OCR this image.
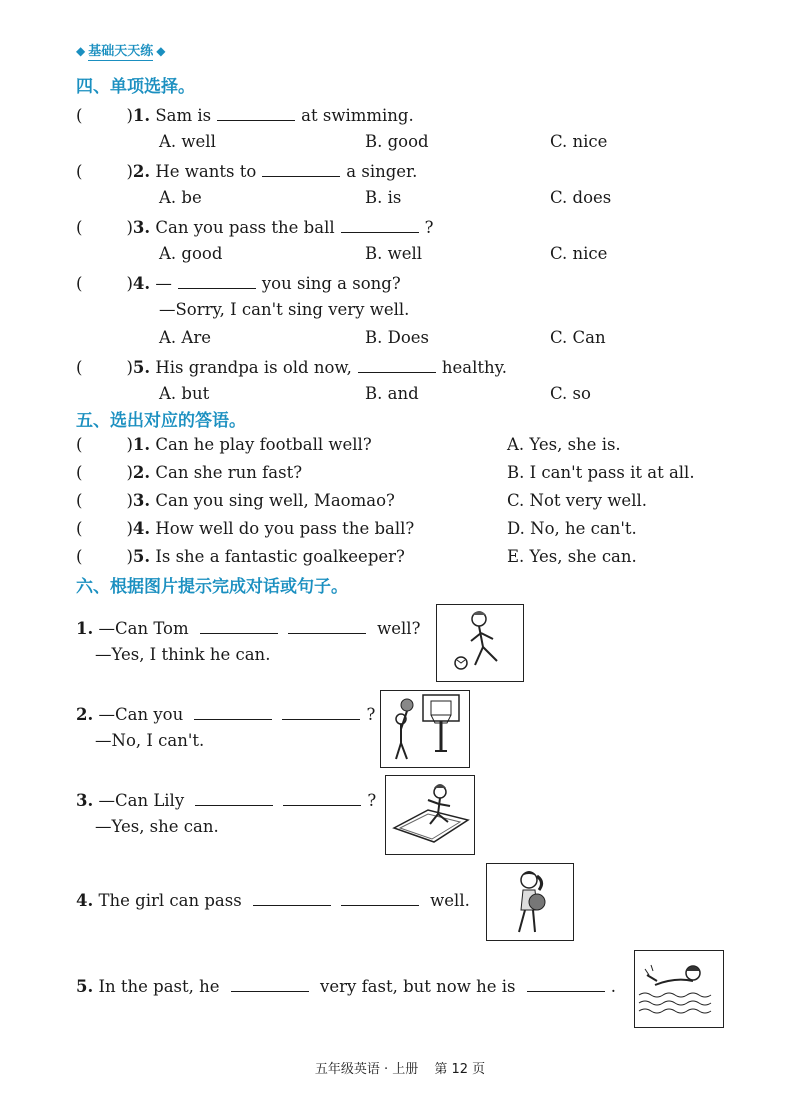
◆ 基础天天练 ◆
四、单项选择。
(	)1. Sam is	at swimming.
A. well	B. good	C. nice
(	)2. He wants to	a singer.
A. be	B. is	C. does
(	)3. Can you pass the ball	?
A. good	B. well	C. nice
(	)4. —	you sing a song?
—Sorry, I can't sing very well.
A. Are	B. Does	C. Can
(	)5. His grandpa is old now,	healthy.
A. but	B. and	C. so
五、选出对应的答语。
(	)1. Can he play football well?	A. Yes, she is.
(	)2. Can she run fast?	B. I can't pass it at all.
(	)3. Can you sing well, Maomao?	C. Not very well.
(	)4. How well do you pass the ball?	D. No, he can't.
(	)5. Is she a fantastic goalkeeper?	E. Yes, she can.
六、根据图片提示完成对话或句子。
1. —Can Tom	well?
—Yes, I think he can.
2. —Can you	?
—No, I can't.
3. —Can Lily	?
—Yes, she can.
4. The girl can pass	well.
5. In the past, he	very fast, but now he is	.
五年级英语 · 上册 第 12 页
